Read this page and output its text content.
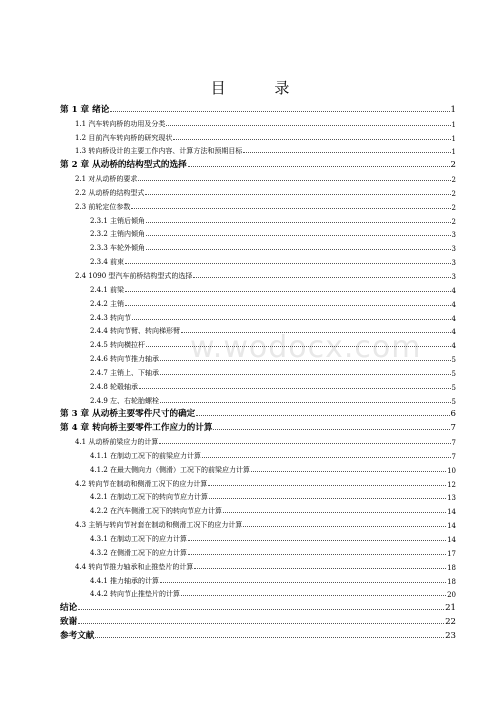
目 录
w.wodocx.com
第 1 章 绪论	1
1.1 汽车转向桥的功用及分类	1
1.2 目前汽车转向桥的研究现状	1
1.3 转向桥设计的主要工作内容、计算方法和预期目标	1
第 2 章 从动桥的结构型式的选择	2
2.1 对从动桥的要求	2
2.2 从动桥的结构型式	2
2.3 前轮定位参数	2
2.3.1 主销后倾角	2
2.3.2 主销内倾角	3
2.3.3 车轮外倾角	3
2.3.4 前束	3
2.4 1090 型汽车前桥结构型式的选择	3
2.4.1 前梁	4
2.4.2 主销	4
2.4.3 转向节	4
2.4.4 转向节臂、转向梯形臂	4
2.4.5 转向横拉杆	4
2.4.6 转向节推力轴承	5
2.4.7 主销上、下轴承	5
2.4.8 轮毂轴承	5
2.4.9 左、右轮胎螺栓	5
第 3 章 从动桥主要零件尺寸的确定	6
第 4 章 转向桥主要零件工作应力的计算	7
4.1 从动桥前梁应力的计算	7
4.1.1 在制动工况下的前梁应力计算	7
4.1.2 在最大侧向力（侧滑）工况下的前梁应力计算	10
4.2 转向节在制动和侧滑工况下的应力计算	12
4.2.1 在制动工况下的转向节应力计算	13
4.2.2 在汽车侧滑工况下的转向节应力计算	14
4.3 主销与转向节衬套在制动和侧滑工况下的应力计算	14
4.3.1 在制动工况下的应力计算	14
4.3.2 在侧滑工况下的应力计算	17
4.4 转向节推力轴承和止推垫片的计算	18
4.4.1 推力轴承的计算	18
4.4.2 转向节止推垫片的计算	20
结论	21
致谢	22
参考文献	23
